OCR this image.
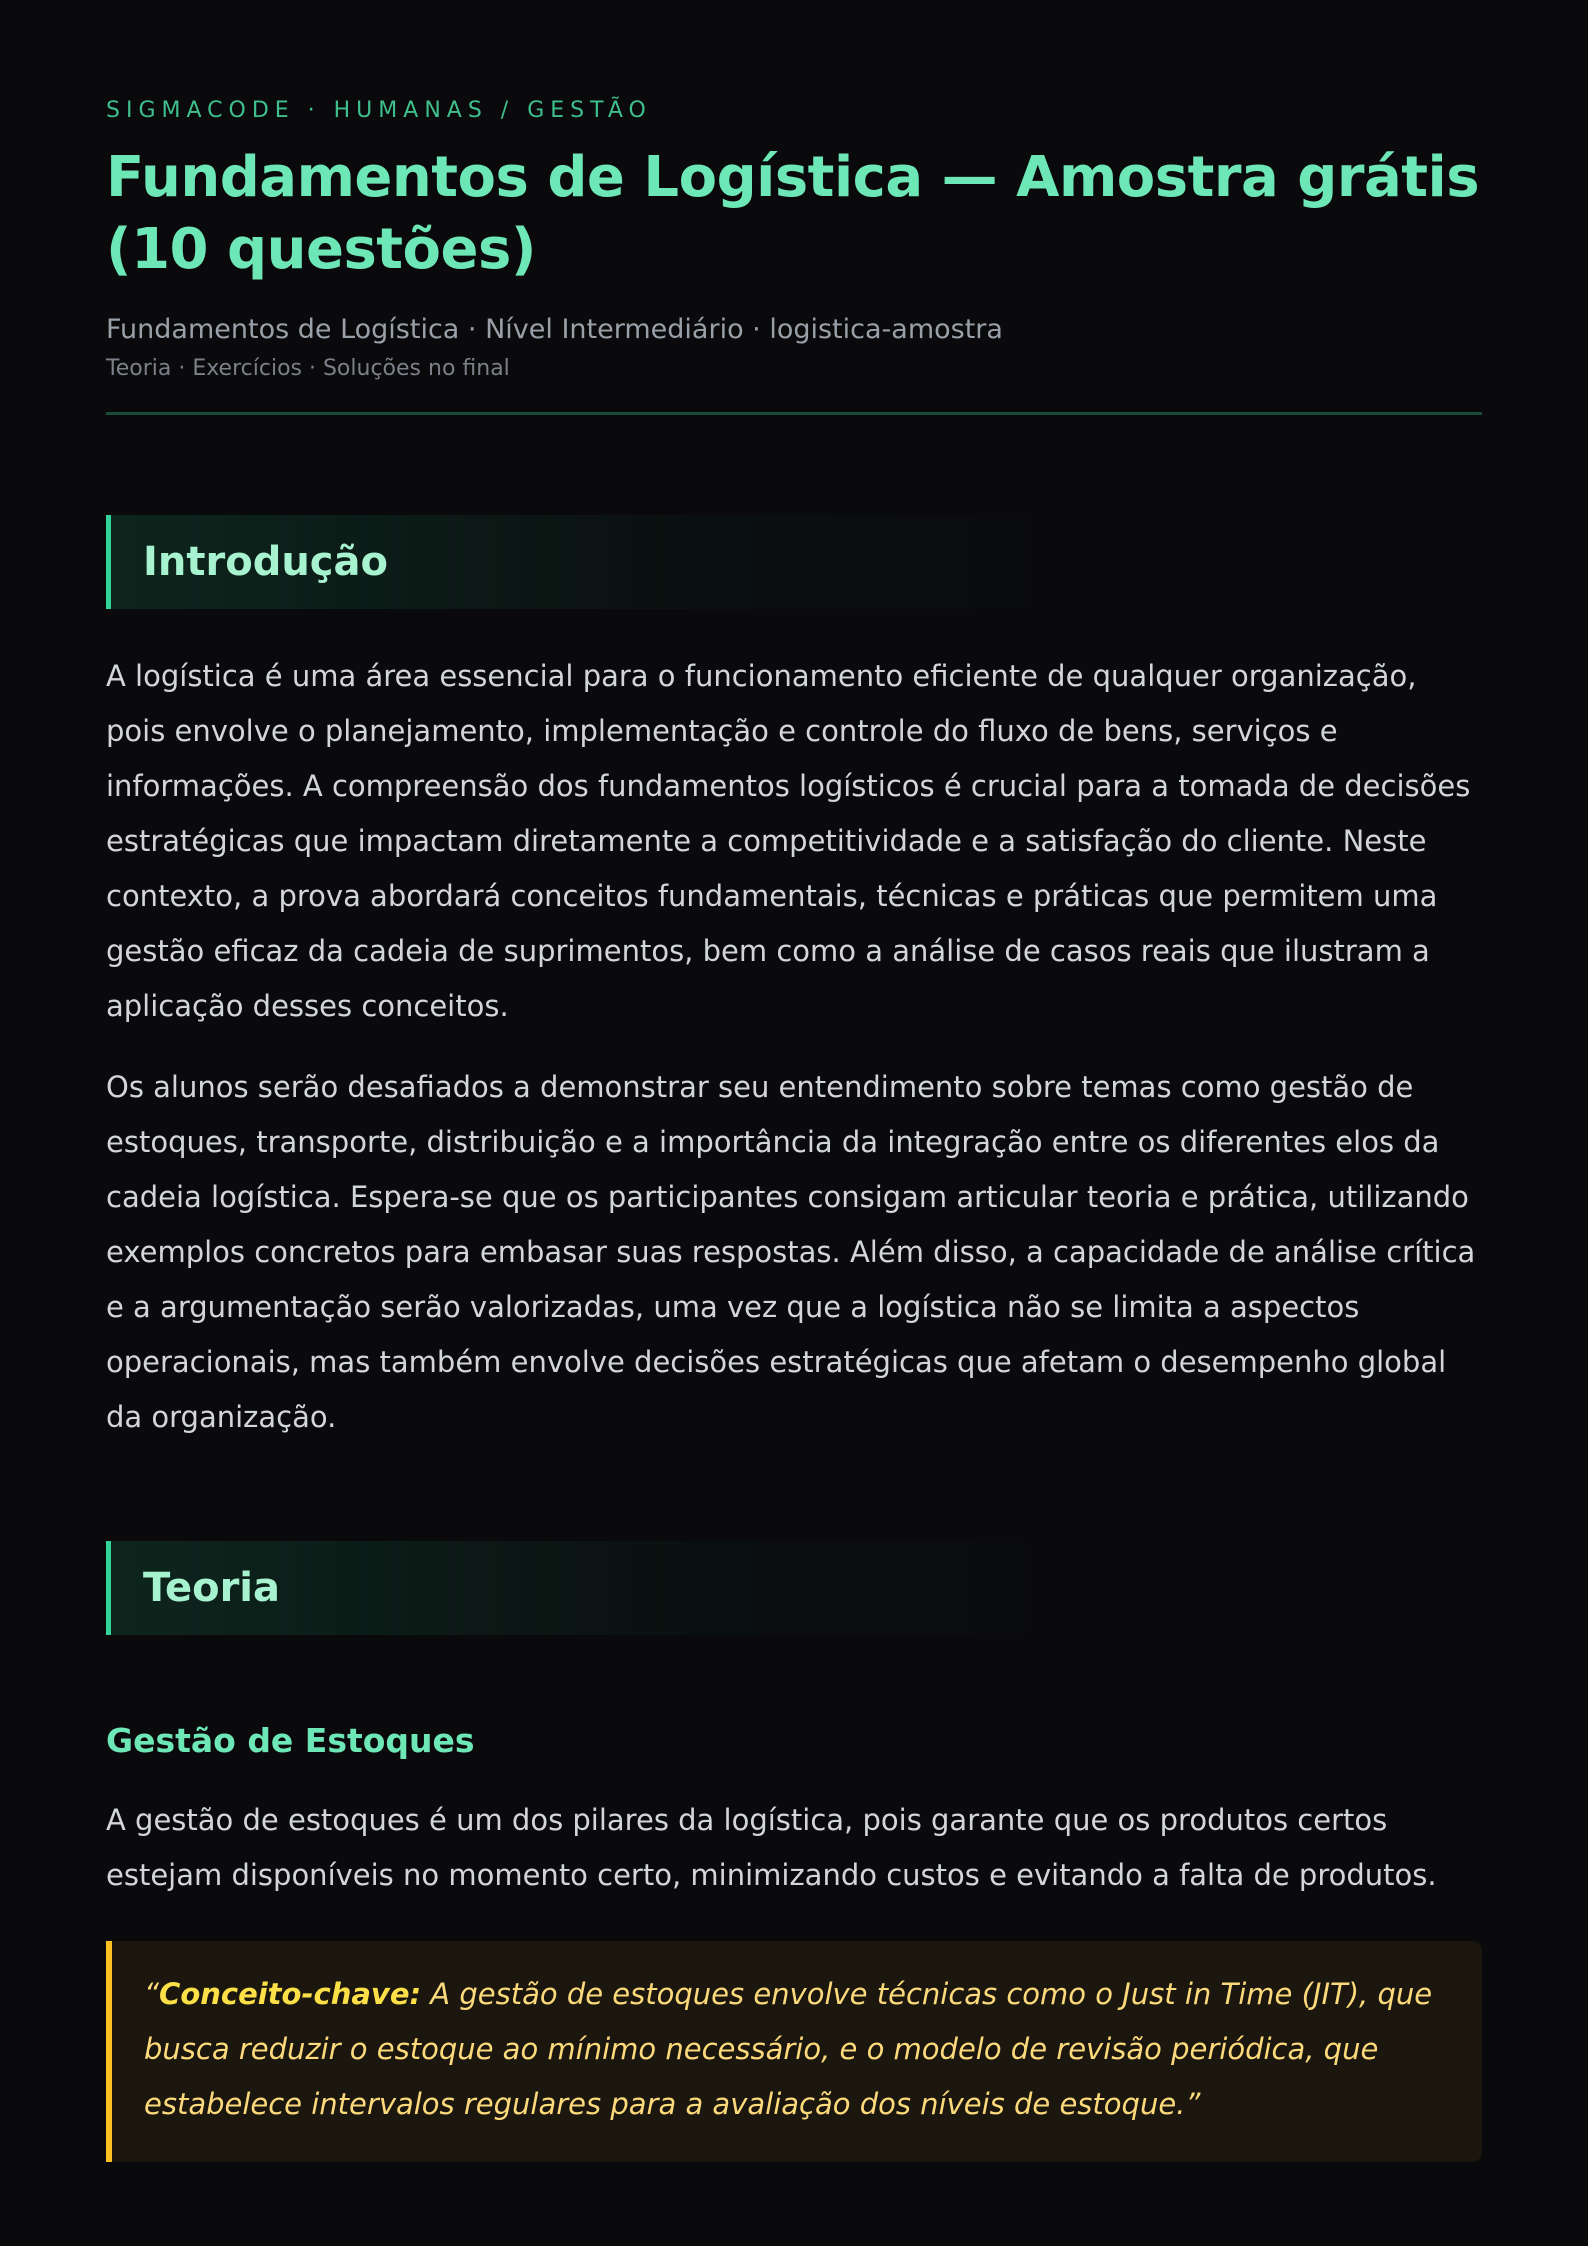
SIGMACODE · HUMANAS / GESTÃO

Fundamentos de Logística — Amostra grátis (10 questões)

Fundamentos de Logística · Nível Intermediário · logistica-amostra

Teoria · Exercícios · Soluções no final

Introdução

A logística é uma área essencial para o funcionamento eficiente de qualquer organização, pois envolve o planejamento, implementação e controle do fluxo de bens, serviços e informações. A compreensão dos fundamentos logísticos é crucial para a tomada de decisões estratégicas que impactam diretamente a competitividade e a satisfação do cliente. Neste contexto, a prova abordará conceitos fundamentais, técnicas e práticas que permitem uma gestão eficaz da cadeia de suprimentos, bem como a análise de casos reais que ilustram a aplicação desses conceitos.

Os alunos serão desafiados a demonstrar seu entendimento sobre temas como gestão de estoques, transporte, distribuição e a importância da integração entre os diferentes elos da cadeia logística. Espera-se que os participantes consigam articular teoria e prática, utilizando exemplos concretos para embasar suas respostas. Além disso, a capacidade de análise crítica e a argumentação serão valorizadas, uma vez que a logística não se limita a aspectos operacionais, mas também envolve decisões estratégicas que afetam o desempenho global da organização.

Teoria
Gestão de Estoques

A gestão de estoques é um dos pilares da logística, pois garante que os produtos certos estejam disponíveis no momento certo, minimizando custos e evitando a falta de produtos.

“Conceito-chave: A gestão de estoques envolve técnicas como o Just in Time (JIT), que busca reduzir o estoque ao mínimo necessário, e o modelo de revisão periódica, que estabelece intervalos regulares para a avaliação dos níveis de estoque.”
